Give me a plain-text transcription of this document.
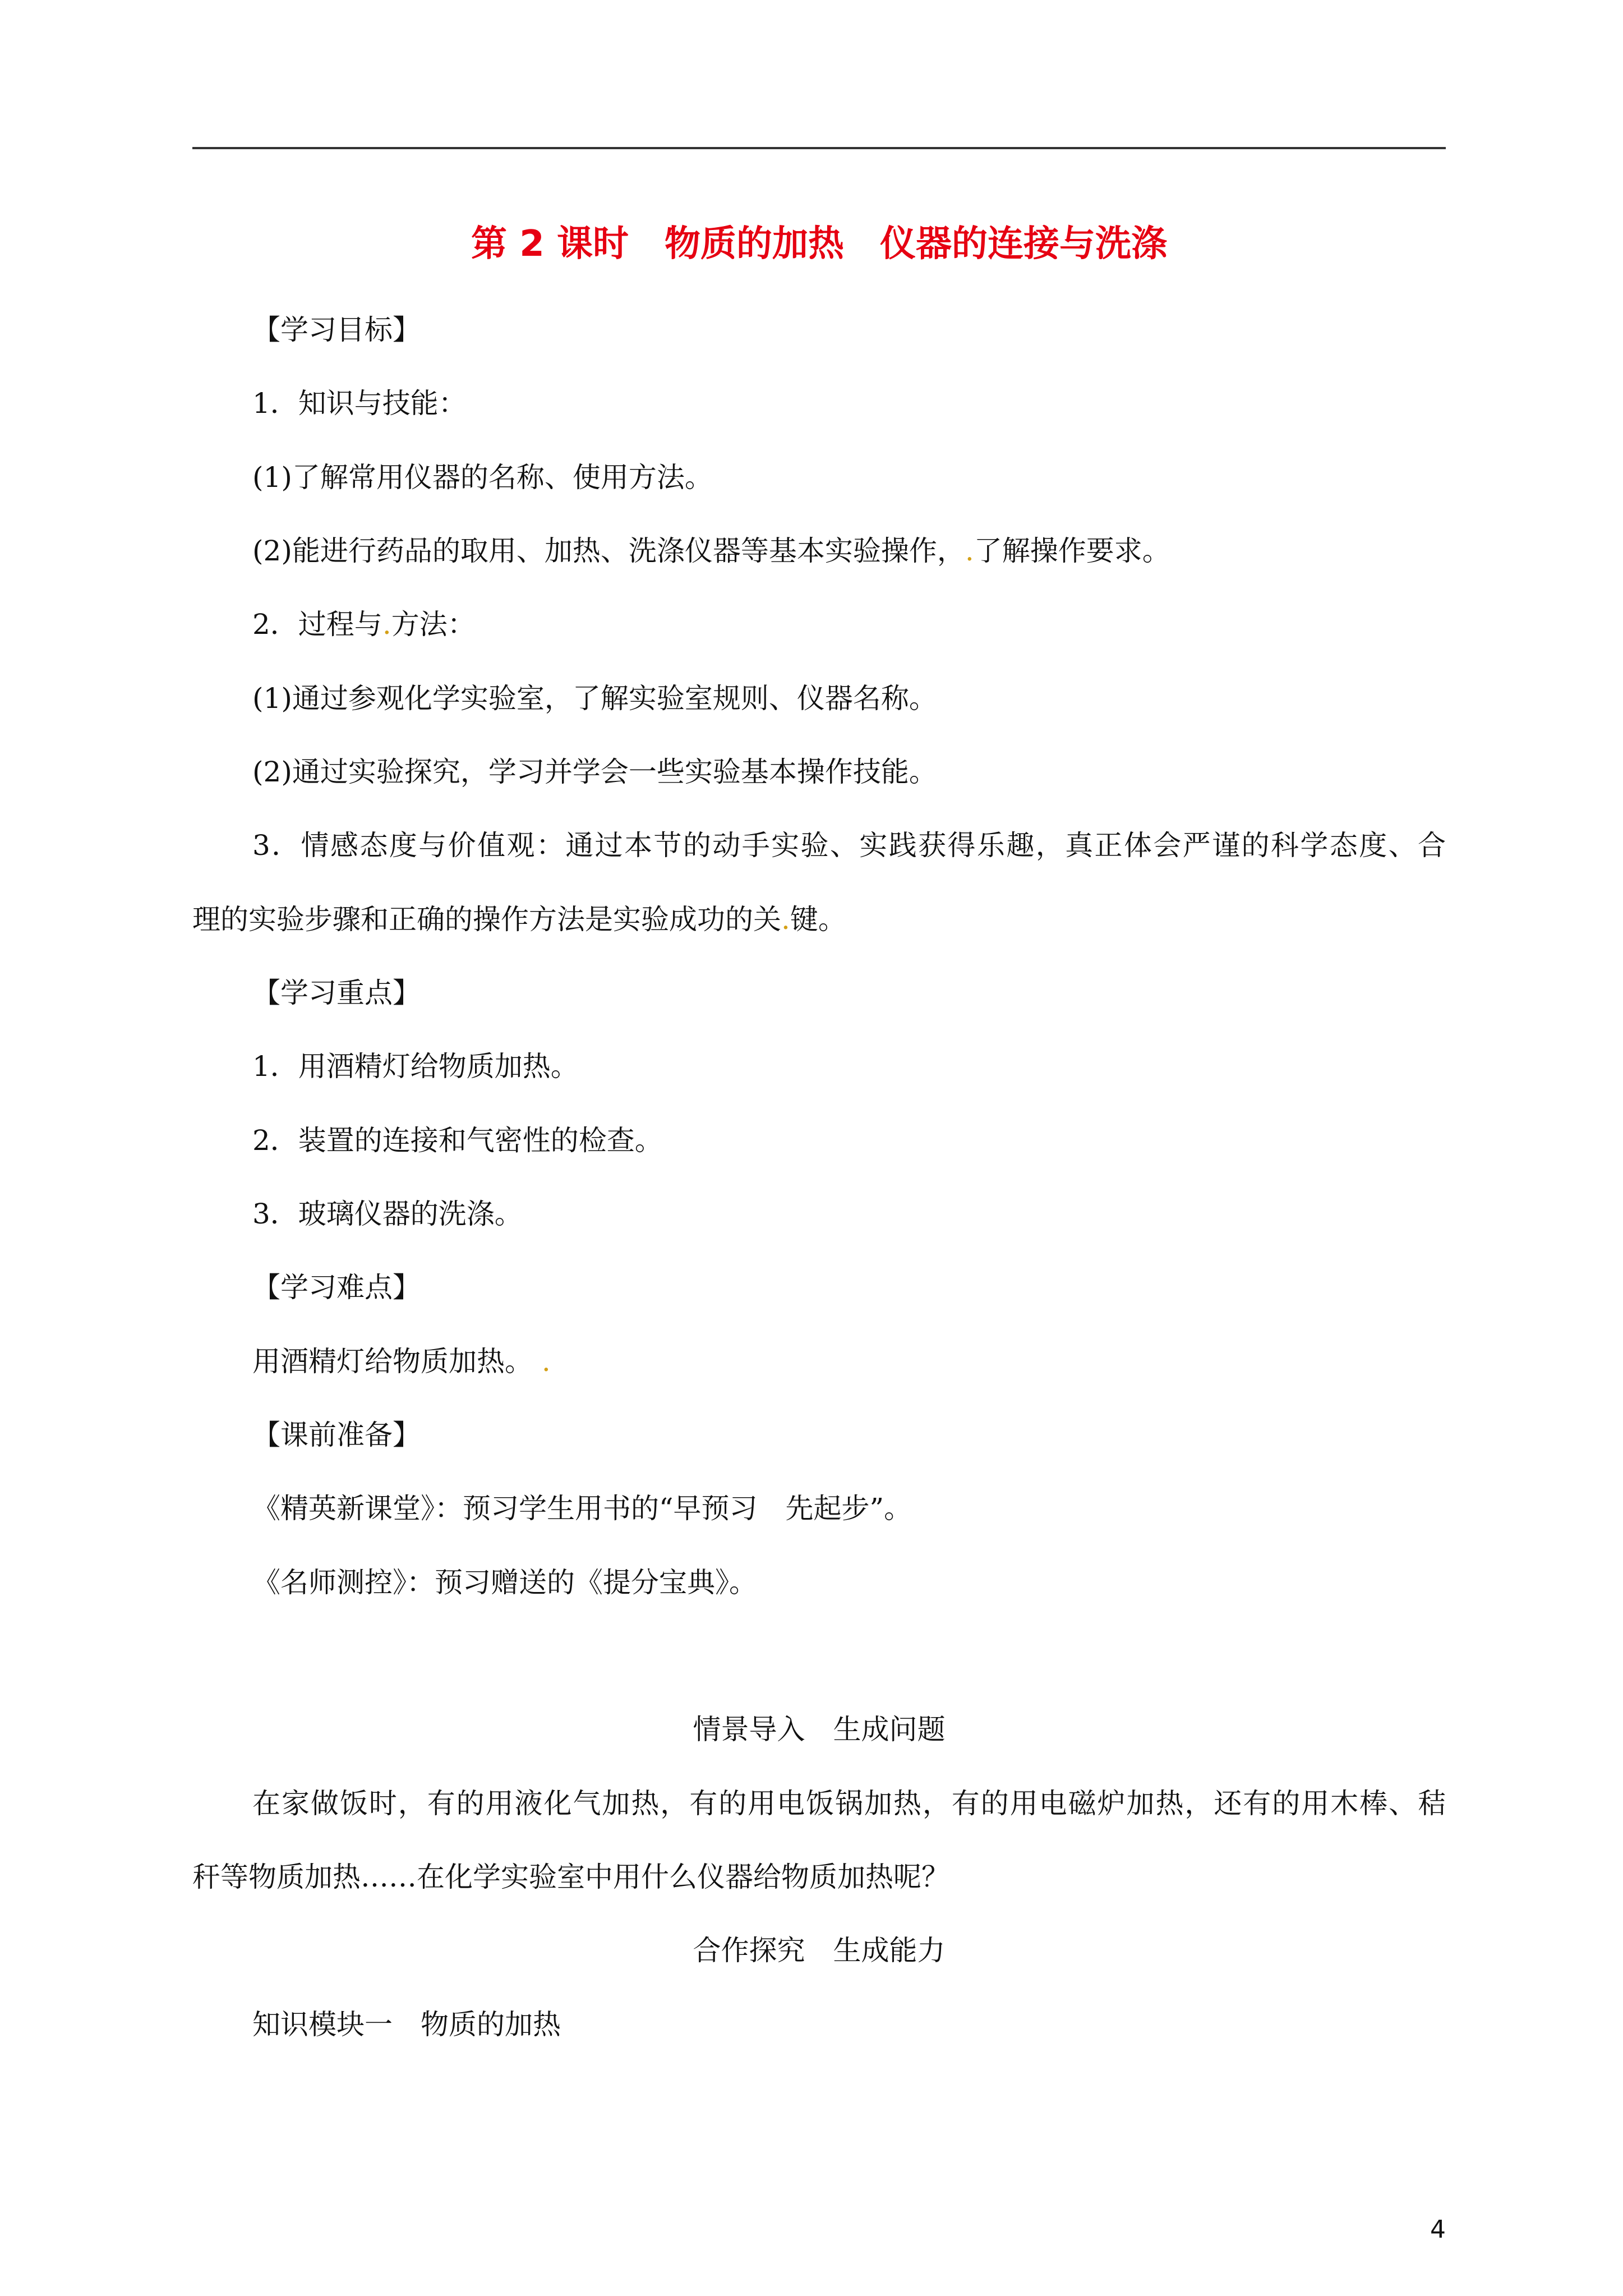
第 2 课时　物质的加热　仪器的连接与洗涤
【学习目标】
1．知识与技能：
(1)了解常用仪器的名称、使用方法。
(2)能进行药品的取用、加热、洗涤仪器等基本实验操作，.了解操作要求。
2．过程与.方法：
(1)通过参观化学实验室，了解实验室规则、仪器名称。
(2)通过实验探究，学习并学会一些实验基本操作技能。
3．情感态度与价值观：通过本节的动手实验、实践获得乐趣，真正体会严谨的科学态度、合
理的实验步骤和正确的操作方法是实验成功的关.键。
【学习重点】
1．用酒精灯给物质加热。
2．装置的连接和气密性的检查。
3．玻璃仪器的洗涤。
【学习难点】
用酒精灯给物质加热。 .
【课前准备】
《精英新课堂》：预习学生用书的“早预习　先起步”。
《名师测控》：预习赠送的《提分宝典》。
情景导入　生成问题
在家做饭时，有的用液化气加热，有的用电饭锅加热，有的用电磁炉加热，还有的用木棒、秸
秆等物质加热……在化学实验室中用什么仪器给物质加热呢？
合作探究　生成能力
知识模块一　物质的加热
4
